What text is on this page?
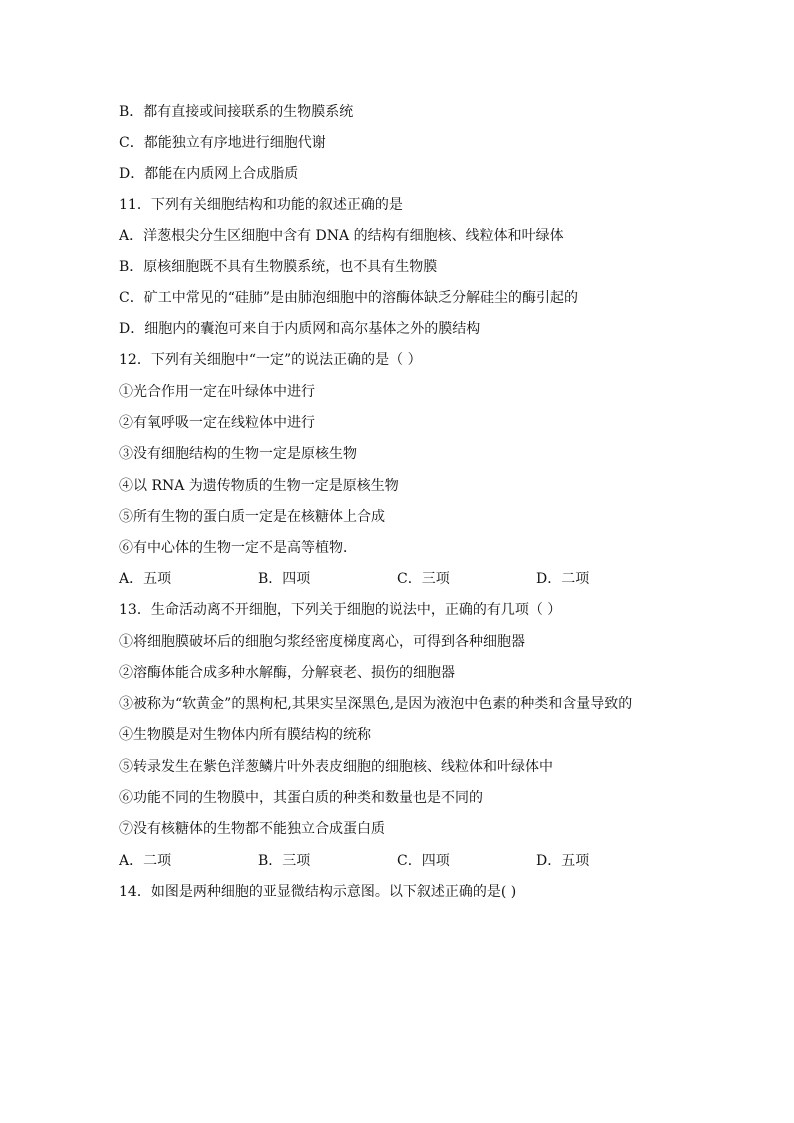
B．都有直接或间接联系的生物膜系统
C．都能独立有序地进行细胞代谢
D．都能在内质网上合成脂质
11．下列有关细胞结构和功能的叙述正确的是
A．洋葱根尖分生区细胞中含有 DNA 的结构有细胞核、线粒体和叶绿体
B．原核细胞既不具有生物膜系统，也不具有生物膜
C．矿工中常见的“硅肺”是由肺泡细胞中的溶酶体缺乏分解硅尘的酶引起的
D．细胞内的囊泡可来自于内质网和高尔基体之外的膜结构
12．下列有关细胞中“一定”的说法正确的是（ ）
①光合作用一定在叶绿体中进行
②有氧呼吸一定在线粒体中进行
③没有细胞结构的生物一定是原核生物
④以 RNA 为遗传物质的生物一定是原核生物
⑤所有生物的蛋白质一定是在核糖体上合成
⑥有中心体的生物一定不是高等植物．
A．五项	B．四项	C．三项	D．二项
13．生命活动离不开细胞，下列关于细胞的说法中，正确的有几项（ ）
①将细胞膜破坏后的细胞匀浆经密度梯度离心，可得到各种细胞器
②溶酶体能合成多种水解酶，分解衰老、损伤的细胞器
③被称为“软黄金”的黑枸杞,其果实呈深黑色,是因为液泡中色素的种类和含量导致的
④生物膜是对生物体内所有膜结构的统称
⑤转录发生在紫色洋葱鳞片叶外表皮细胞的细胞核、线粒体和叶绿体中
⑥功能不同的生物膜中，其蛋白质的种类和数量也是不同的
⑦没有核糖体的生物都不能独立合成蛋白质
A．二项	B．三项	C．四项	D．五项
14．如图是两种细胞的亚显微结构示意图。以下叙述正确的是( )
